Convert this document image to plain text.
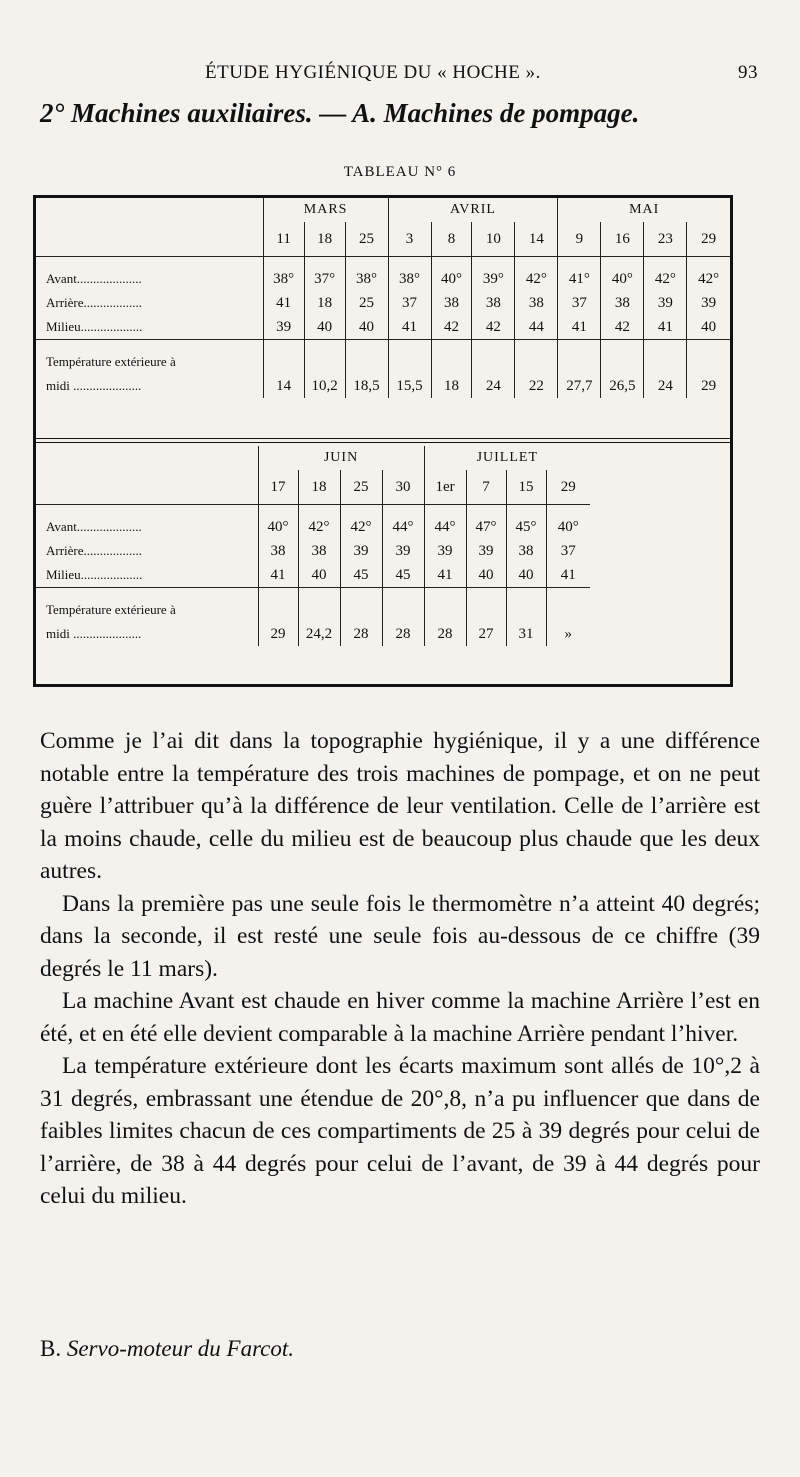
ÉTUDE HYGIÉNIQUE DU « HOCHE ».	93
2° Machines auxiliaires. — A. Machines de pompage.
TABLEAU N° 6
	MARS			AVRIL				MAI			
	11	18	25	3	8	10	14	9	16	23	29

Avant....................	38°	37°	38°	38°	40°	39°	42°	41°	40°	42°	42°
Arrière..................	41	18	25	37	38	38	38	37	38	39	39
Milieu...................	39	40	40	41	42	42	44	41	42	41	40

Température extérieure à											
midi .....................	14	10,2	18,5	15,5	18	24	22	27,7	26,5	24	29
	JUIN				JUILLET			
	17	18	25	30	1er	7	15	29

Avant....................	40°	42°	42°	44°	44°	47°	45°	40°
Arrière..................	38	38	39	39	39	39	38	37
Milieu...................	41	40	45	45	41	40	40	41

Température extérieure à								
midi .....................	29	24,2	28	28	28	27	31	»

Comme je l’ai dit dans la topographie hygiénique, il y a une différence notable entre la température des trois machines de pompage, et on ne peut guère l’attribuer qu’à la différence de leur ventilation. Celle de l’arrière est la moins chaude, celle du milieu est de beaucoup plus chaude que les deux autres.

Dans la première pas une seule fois le thermomètre n’a atteint 40 degrés; dans la seconde, il est resté une seule fois au-dessous de ce chiffre (39 degrés le 11 mars).

La machine Avant est chaude en hiver comme la machine Arrière l’est en été, et en été elle devient comparable à la machine Arrière pendant l’hiver.

La température extérieure dont les écarts maximum sont allés de 10°,2 à 31 degrés, embrassant une étendue de 20°,8, n’a pu influencer que dans de faibles limites chacun de ces compartiments de 25 à 39 degrés pour celui de l’arrière, de 38 à 44 degrés pour celui de l’avant, de 39 à 44 degrés pour celui du milieu.

B. Servo-moteur du Farcot.
